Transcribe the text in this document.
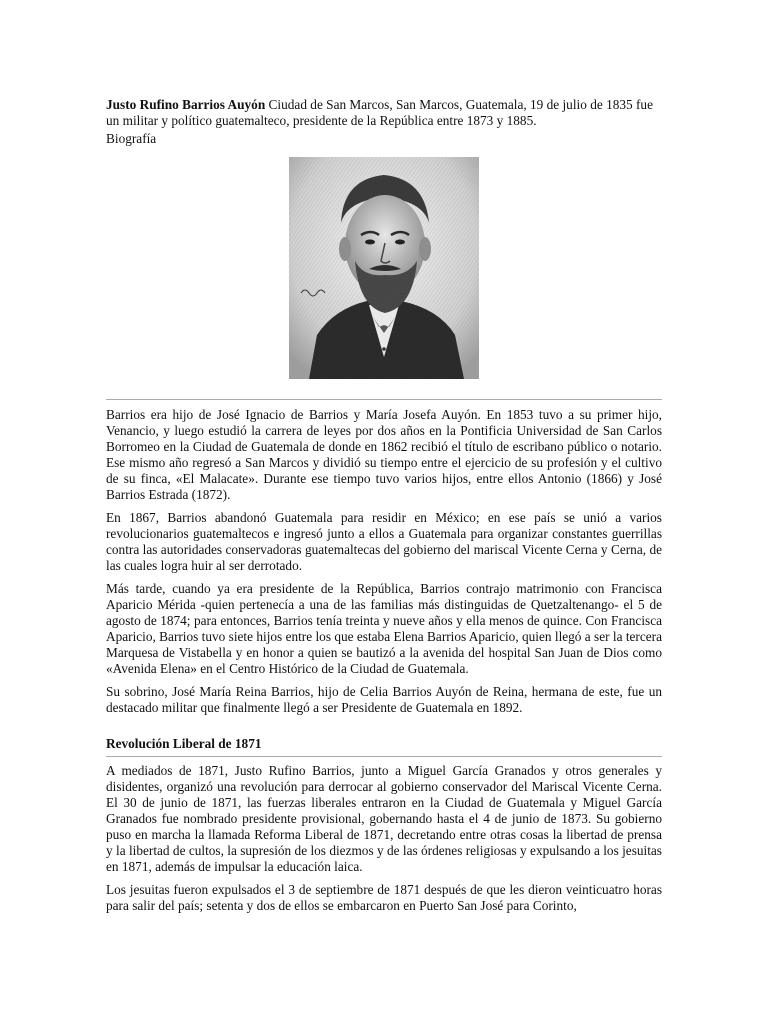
Justo Rufino Barrios Auyón Ciudad de San Marcos, San Marcos, Guatemala, 19 de julio de 1835 fue un militar y político guatemalteco, presidente de la República entre 1873 y 1885.

Biografía

Barrios era hijo de José Ignacio de Barrios y María Josefa Auyón. En 1853 tuvo a su primer hijo, Venancio, y luego estudió la carrera de leyes por dos años en la Pontificia Universidad de San Carlos Borromeo en la Ciudad de Guatemala de donde en 1862 recibió el título de escribano público o notario. Ese mismo año regresó a San Marcos y dividió su tiempo entre el ejercicio de su profesión y el cultivo de su finca, «El Malacate». Durante ese tiempo tuvo varios hijos, entre ellos Antonio (1866) y José Barrios Estrada (1872).

En 1867, Barrios abandonó Guatemala para residir en México; en ese país se unió a varios revolucionarios guatemaltecos e ingresó junto a ellos a Guatemala para organizar constantes guerrillas contra las autoridades conservadoras guatemaltecas del gobierno del mariscal Vicente Cerna y Cerna, de las cuales logra huir al ser derrotado.

Más tarde, cuando ya era presidente de la República, Barrios contrajo matrimonio con Francisca Aparicio Mérida -quien pertenecía a una de las familias más distinguidas de Quetzaltenango- el 5 de agosto de 1874; para entonces, Barrios tenía treinta y nueve años y ella menos de quince. Con Francisca Aparicio, Barrios tuvo siete hijos entre los que estaba Elena Barrios Aparicio, quien llegó a ser la tercera Marquesa de Vistabella y en honor a quien se bautizó a la avenida del hospital San Juan de Dios como «Avenida Elena» en el Centro Histórico de la Ciudad de Guatemala.

Su sobrino, José María Reina Barrios, hijo de Celia Barrios Auyón de Reina, hermana de este, fue un destacado militar que finalmente llegó a ser Presidente de Guatemala en 1892.

Revolución Liberal de 1871

A mediados de 1871, Justo Rufino Barrios, junto a Miguel García Granados y otros generales y disidentes, organizó una revolución para derrocar al gobierno conservador del Mariscal Vicente Cerna. El 30 de junio de 1871, las fuerzas liberales entraron en la Ciudad de Guatemala y Miguel García Granados fue nombrado presidente provisional, gobernando hasta el 4 de junio de 1873. Su gobierno puso en marcha la llamada Reforma Liberal de 1871, decretando entre otras cosas la libertad de prensa y la libertad de cultos, la supresión de los diezmos y de las órdenes religiosas y expulsando a los jesuitas en 1871, además de impulsar la educación laica.

Los jesuitas fueron expulsados el 3 de septiembre de 1871 después de que les dieron veinticuatro horas para salir del país; setenta y dos de ellos se embarcaron en Puerto San José para Corinto,
